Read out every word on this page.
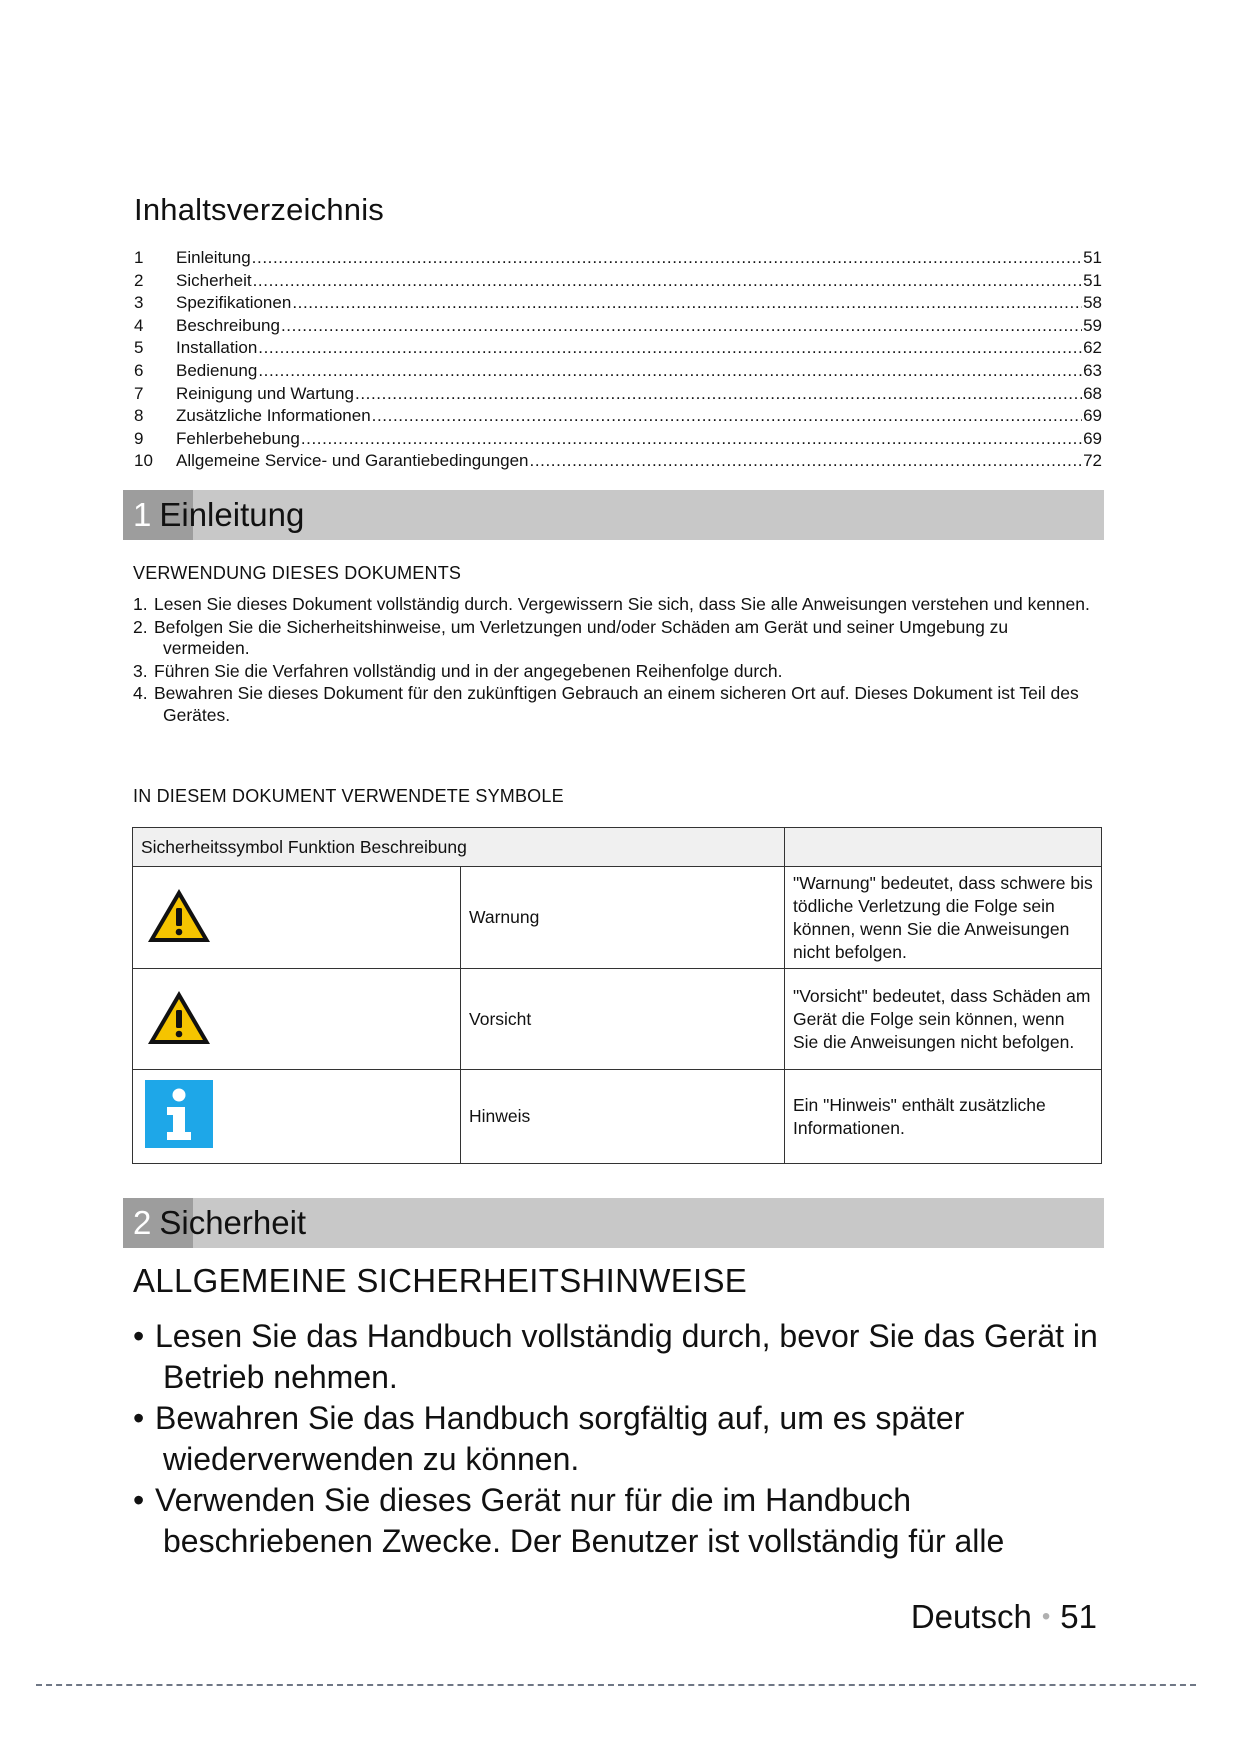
Inhaltsverzeichnis
1	Einleitung .....	51
2	Sicherheit .....	51
3	Spezifikationen .....	58
4	Beschreibung .....	59
5	Installation .....	62
6	Bedienung .....	63
7	Reinigung und Wartung .....	68
8	Zusätzliche Informationen .....	69
9	Fehlerbehebung .....	69
10	Allgemeine Service- und Garantiebedingungen .....	72
1 Einleitung
VERWENDUNG DIESES DOKUMENTS
1. Lesen Sie dieses Dokument vollständig durch. Vergewissern Sie sich, dass Sie alle Anweisungen verstehen und kennen.
2. Befolgen Sie die Sicherheitshinweise, um Verletzungen und/oder Schäden am Gerät und seiner Umgebung zu vermeiden.
3. Führen Sie die Verfahren vollständig und in der angegebenen Reihenfolge durch.
4. Bewahren Sie dieses Dokument für den zukünftigen Gebrauch an einem sicheren Ort auf. Dieses Dokument ist Teil des Gerätes.
IN DIESEM DOKUMENT VERWENDETE SYMBOLE
Sicherheitssymbol Funktion Beschreibung		
	Warnung	"Warnung" bedeutet, dass schwere bis tödliche Verletzung die Folge sein können, wenn Sie die Anweisungen nicht befolgen.
	Vorsicht	"Vorsicht" bedeutet, dass Schäden am Gerät die Folge sein können, wenn Sie die Anweisungen nicht befolgen.
	Hinweis	Ein "Hinweis" enthält zusätzliche Informationen.
2 Sicherheit
ALLGEMEINE SICHERHEITSHINWEISE
• Lesen Sie das Handbuch vollständig durch, bevor Sie das Gerät in Betrieb nehmen.
• Bewahren Sie das Handbuch sorgfältig auf, um es später wiederverwenden zu können.
• Verwenden Sie dieses Gerät nur für die im Handbuch beschriebenen Zwecke. Der Benutzer ist vollständig für alle
Deutsch • 51
